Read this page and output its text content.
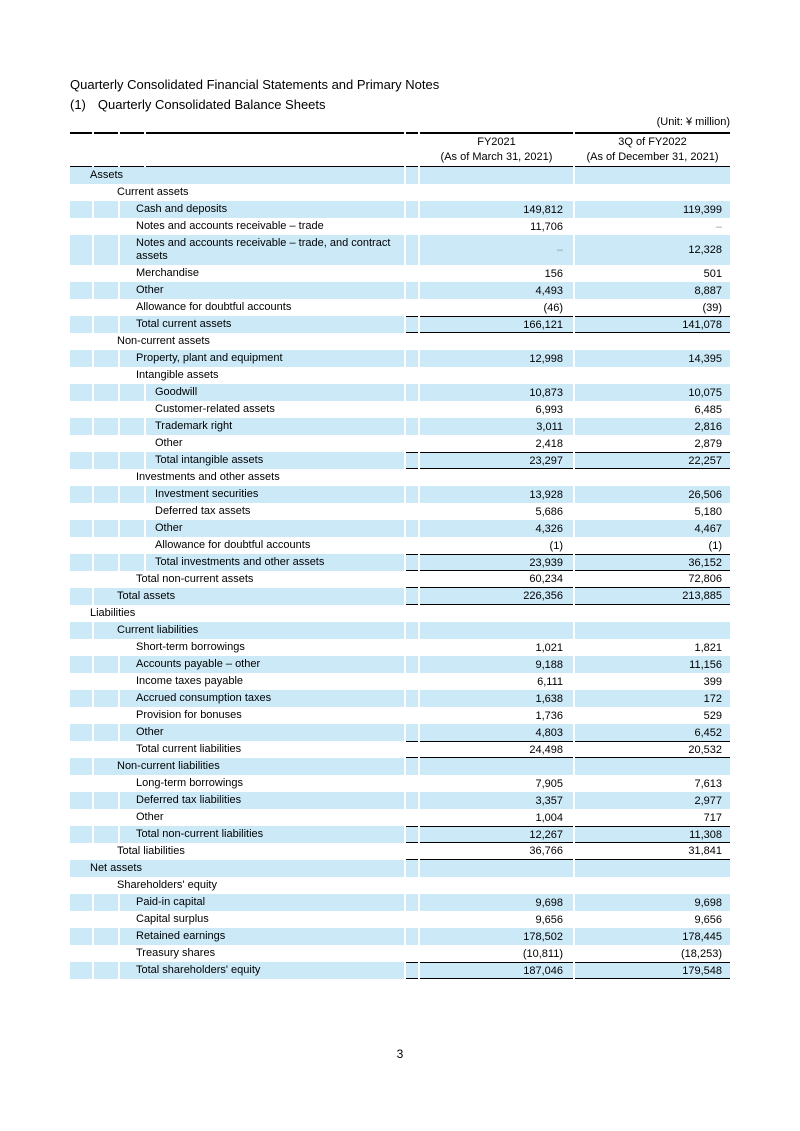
Quarterly Consolidated Financial Statements and Primary Notes
(1) Quarterly Consolidated Balance Sheets
(Unit: ¥ million)
FY2021
(As of March 31, 2021)
3Q of FY2022
(As of December 31, 2021)
Assets
Current assets
Cash and deposits	149,812	119,399
Notes and accounts receivable – trade	11,706	–
Notes and accounts receivable – trade, and contract assets	–	12,328
Merchandise	156	501
Other	4,493	8,887
Allowance for doubtful accounts	(46)	(39)
Total current assets	166,121	141,078
Non-current assets
Property, plant and equipment	12,998	14,395
Intangible assets
Goodwill	10,873	10,075
Customer-related assets	6,993	6,485
Trademark right	3,011	2,816
Other	2,418	2,879
Total intangible assets	23,297	22,257
Investments and other assets
Investment securities	13,928	26,506
Deferred tax assets	5,686	5,180
Other	4,326	4,467
Allowance for doubtful accounts	(1)	(1)
Total investments and other assets	23,939	36,152
Total non-current assets	60,234	72,806
Total assets	226,356	213,885
Liabilities
Current liabilities
Short-term borrowings	1,021	1,821
Accounts payable – other	9,188	11,156
Income taxes payable	6,111	399
Accrued consumption taxes	1,638	172
Provision for bonuses	1,736	529
Other	4,803	6,452
Total current liabilities	24,498	20,532
Non-current liabilities
Long-term borrowings	7,905	7,613
Deferred tax liabilities	3,357	2,977
Other	1,004	717
Total non-current liabilities	12,267	11,308
Total liabilities	36,766	31,841
Net assets
Shareholders' equity
Paid-in capital	9,698	9,698
Capital surplus	9,656	9,656
Retained earnings	178,502	178,445
Treasury shares	(10,811)	(18,253)
Total shareholders' equity	187,046	179,548
3
